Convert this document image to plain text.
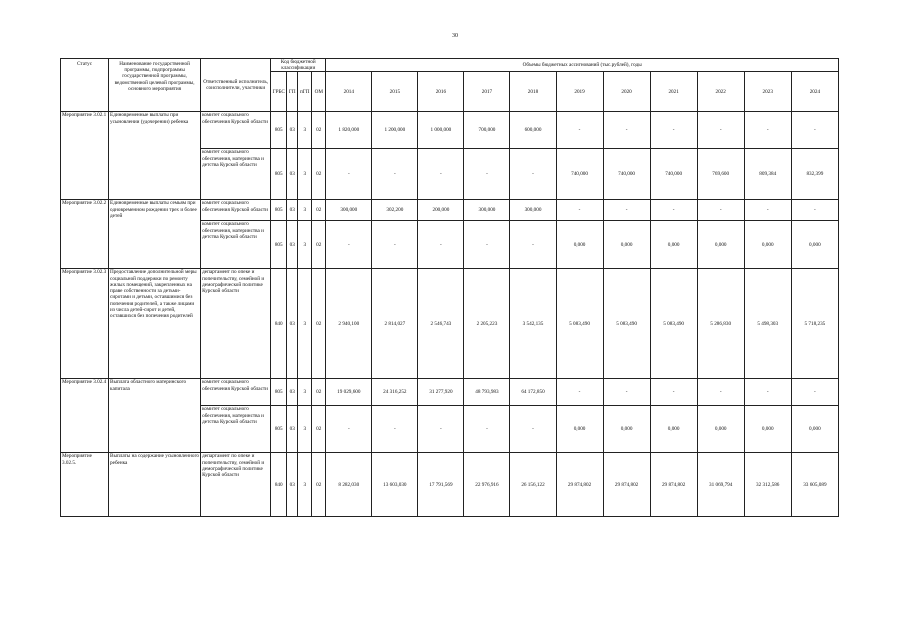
30
Статус	Наименование государственной программы, подпрограммы государственной программы, ведомственной целевой программы, основного мероприятия	Ответственный исполнитель, соисполнители, участники	Код бюджетной классификации				Объемы бюджетных ассигнований (тыс.рублей), годы										
			ГРБС	ГП	пГП	ОМ	2014	2015	2016	2017	2018	2019	2020	2021	2022	2023	2024
Мероприятие 3.02.1	Единовременные выплаты при усыновлении (удочерении) ребенка	комитет социального обеспечения Курской области	805	03	3	02	1 820,000	1 200,000	1 000,000	700,000	600,000	-	-	-	-	-	-
		комитет социального обеспечения, материнства и детства Курской области	805	03	3	02	-	-	-	-	-	740,000	740,000	740,000	769,600	809,384	832,399
Мероприятие 3.02.2	Единовременные выплаты семьям при одновременном рождении трех и более детей	комитет социального обеспечения Курской области	805	03	3	02	300,000	302,200	200,000	300,000	300,000	-	-	-	-	-	-
		комитет социального обеспечения, материнства и детства Курской области	805	03	3	02	-	-	-	-	-	0,000	0,000	0,000	0,000	0,000	0,000
Мероприятие 3.02.3	Предоставление дополнительной меры социальной поддержки по ремонту жилых помещений, закрепленных на праве собственности за детьми-сиротами и детьми, оставшимися без попечения родителей, а также лицами из числа детей-сирот и детей, оставшихся без попечения родителей	департамент по опеке и попечительству, семейной и демографической политике Курской области	840	03	3	02	2 940,100	2 814,027	2 546,743	2 205,223	3 542,135	5 083,490	5 083,490	5 083,490	5 286,830	5 498,303	5 718,235
Мероприятие 3.02.4	Выплата областного материнского капитала	комитет социального обеспечения Курской области	805	03	3	02	19 029,600	24 316,252	31 277,920	48 793,983	64 172,850	-	-	-	-	-	-
		комитет социального обеспечения, материнства и детства Курской области	805	03	3	02	-	-	-	-	-	0,000	0,000	0,000	0,000	0,000	0,000
Мероприятие 3.02.5.	Выплаты на содержание усыновленного ребенка	департамент по опеке и попечительству, семейной и демографической политике Курской области	840	03	3	02	8 282,030	13 603,030	17 791,569	22 976,916	26 156,122	29 874,802	29 874,802	29 874,802	31 069,794	32 312,586	33 605,089
